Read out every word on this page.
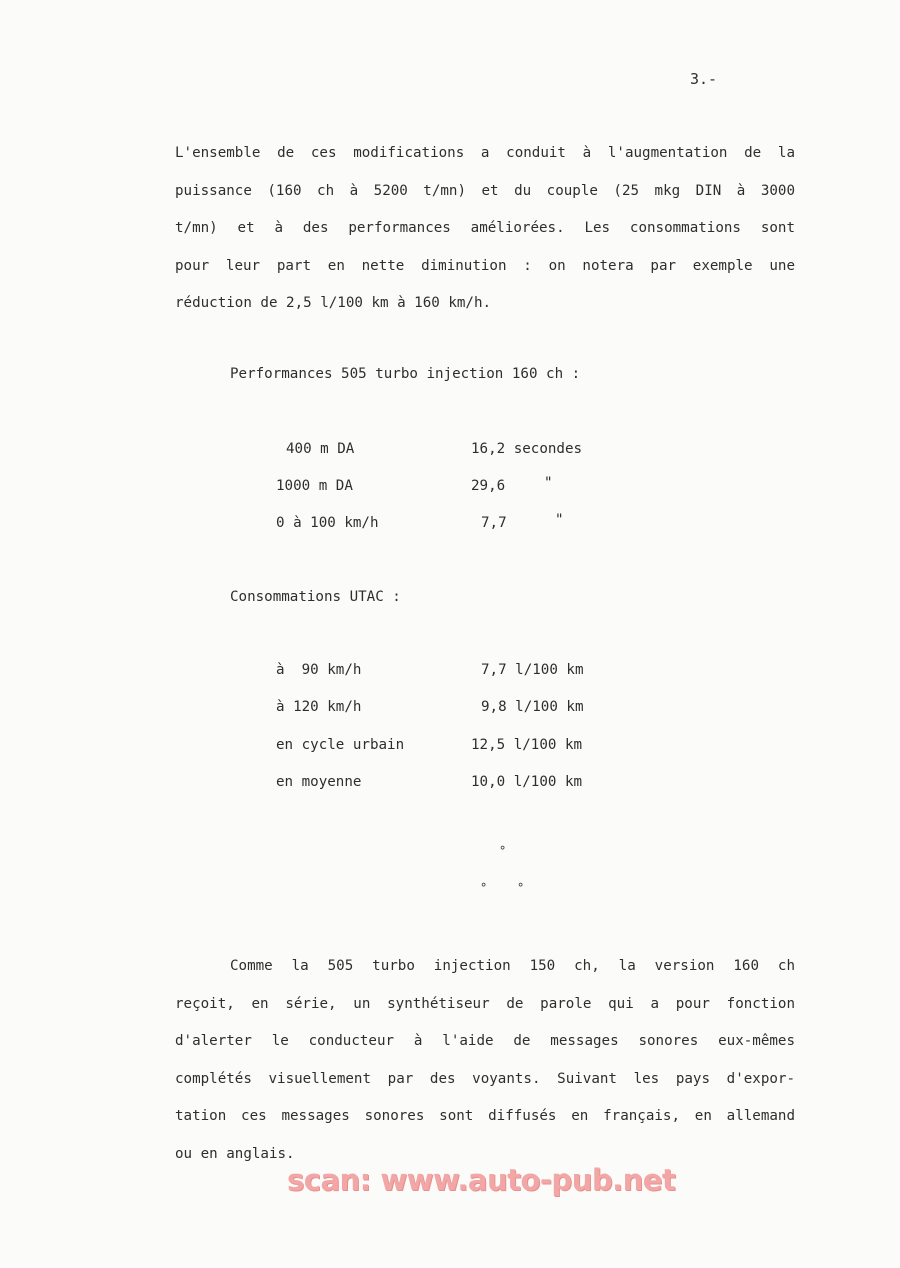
3.-

L'ensemble de ces modifications a conduit à l'augmentation de la
puissance (160 ch à 5200 t/mn) et du couple (25 mkg DIN à 3000
t/mn) et à des performances améliorées. Les consommations sont
pour leur part en nette diminution : on notera par exemple une
réduction de 2,5 l/100 km à 160 km/h.

Performances 505 turbo injection 160 ch :

400 m DA	16,2 secondes
1000 m DA	29,6	"
0 à 100 km/h	7,7	"

Consommations UTAC :

à  90 km/h	7,7 l/100 km
à 120 km/h	9,8 l/100 km
en cycle urbain	12,5 l/100 km
en moyenne	10,0 l/100 km
°
° °

Comme la 505 turbo injection 150 ch, la version 160 ch
reçoit, en série, un synthétiseur de parole qui a pour fonction
d'alerter le conducteur à l'aide de messages sonores eux-mêmes
complétés visuellement par des voyants. Suivant les pays d'expor-
tation ces messages sonores sont diffusés en français, en allemand
ou en anglais.

scan: www.auto-pub.net
